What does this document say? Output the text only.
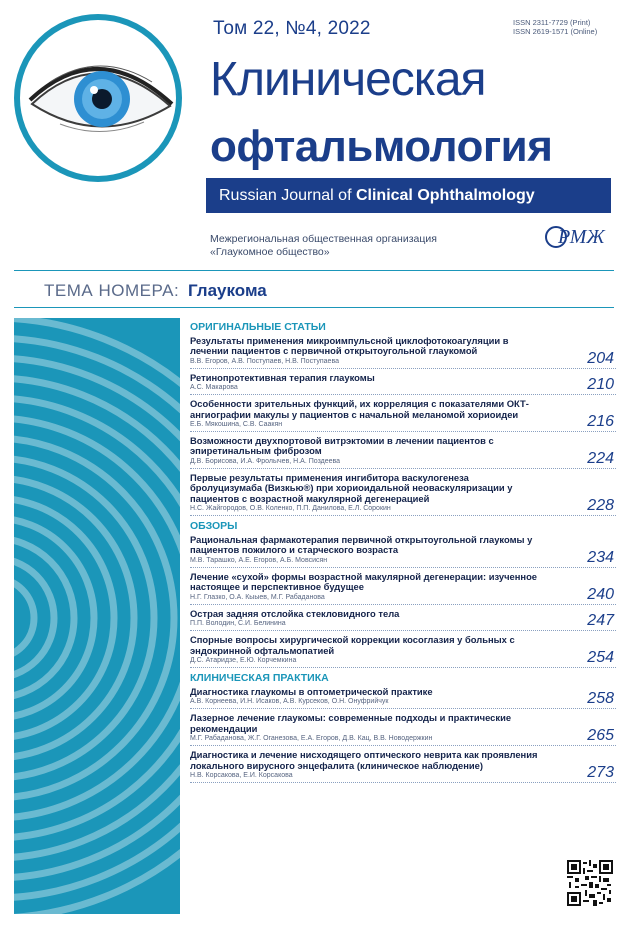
Том 22, №4, 2022	ISSN 2311-7729 (Print)
ISSN 2619-1571 (Online)
Клиническая
офтальмология
Russian Journal of Clinical Ophthalmology
Межрегиональная общественная организация
«Глаукомное общество»
РМЖ
ТЕМА НОМЕРА : Глаукома
ОРИГИНАЛЬНЫЕ СТАТЬИ
Результаты применения микроимпульсной циклофотокоагуляции в лечении пациентов с первичной открытоугольной глаукомой
В.В. Егоров, А.В. Поступаев, Н.В. Поступаева	204
Ретинопротективная терапия глаукомы
А.С. Макарова	210
Особенности зрительных функций, их корреляция с показателями ОКТ-ангиографии макулы у пациентов с начальной меланомой хориоидеи
Е.Б. Мякошина, С.В. Саакян	216
Возможности двухпортовой витрэктомии в лечении пациентов с эпиретинальным фиброзом
Д.В. Борисова, И.А. Фролычев, Н.А. Поздеева	224
Первые результаты применения ингибитора васкулогенеза бролуцизумаба (Визкью®) при хориоидальной неоваскуляризации у пациентов с возрастной макулярной дегенерацией
Н.С. Жайгородов, О.В. Коленко, П.П. Данилова, Е.Л. Сорокин	228
ОБЗОРЫ
Рациональная фармакотерапия первичной открытоугольной глаукомы у пациентов пожилого и старческого возраста
М.В. Тарашко, А.Е. Егоров, А.Б. Мовсисян	234
Лечение «сухой» формы возрастной макулярной дегенерации: изученное настоящее и перспективное будущее
Н.Г. Глазко, О.А. Кыыев, М.Г. Рабаданова	240
Острая задняя отслойка стекловидного тела
П.П. Володин, С.И. Белинина	247
Спорные вопросы хирургической коррекции косоглазия у больных с эндокринной офтальмопатией
Д.С. Атаридзе, Е.Ю. Корчемкина	254
КЛИНИЧЕСКАЯ ПРАКТИКА
Диагностика глаукомы в оптометрической практике
А.В. Корнеева, И.Н. Исаков, А.В. Курсеков, О.Н. Онуфрийчук	258
Лазерное лечение глаукомы: современные подходы и практические рекомендации
М.Г. Рабаданова, Ж.Г. Оганезова, Е.А. Егоров, Д.В. Кац, В.В. Новодержкин	265
Диагностика и лечение нисходящего оптического неврита как проявления локального вирусного энцефалита (клиническое наблюдение)
Н.В. Корсакова, Е.И. Корсакова	273
